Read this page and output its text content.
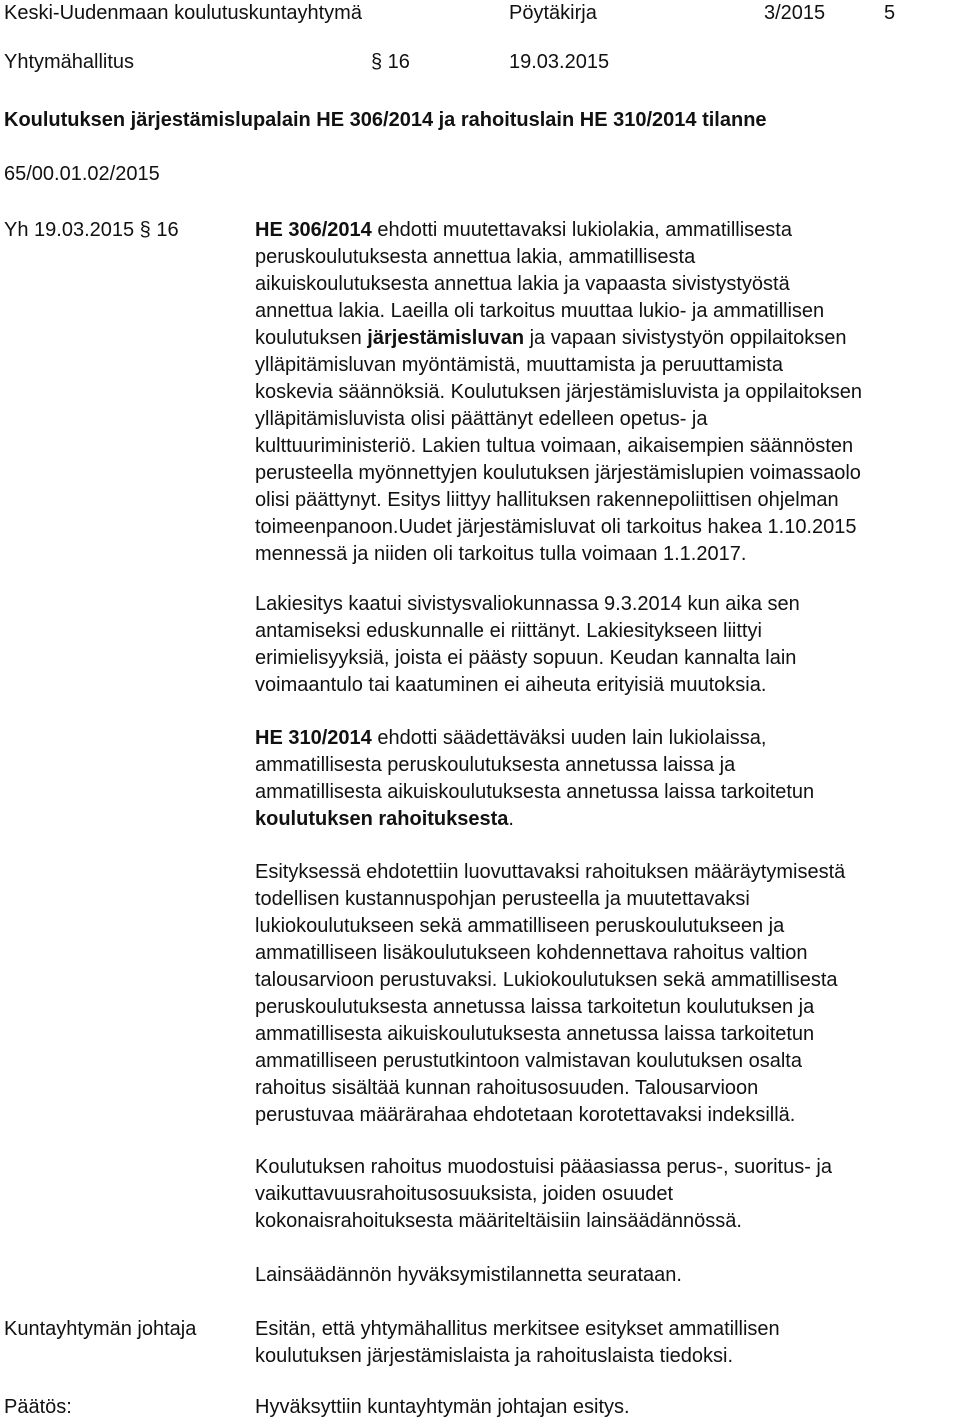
Keski-Uudenmaan koulutuskuntayhtymä	Pöytäkirja	3/2015	5
Yhtymähallitus	§ 16	19.03.2015
Koulutuksen järjestämislupalain HE 306/2014 ja rahoituslain HE 310/2014 tilanne
65/00.01.02/2015
Yh 19.03.2015 § 16	HE 306/2014 ehdotti muutettavaksi lukiolakia, ammatillisesta
peruskoulutuksesta annettua lakia, ammatillisesta
aikuiskoulutuksesta annettua lakia ja vapaasta sivistystyöstä
annettua lakia. Laeilla oli tarkoitus muuttaa lukio- ja ammatillisen
koulutuksen järjestämisluvan ja vapaan sivistystyön oppilaitoksen
ylläpitämisluvan myöntämistä, muuttamista ja peruuttamista
koskevia säännöksiä. Koulutuksen järjestämisluvista ja oppilaitoksen
ylläpitämisluvista olisi päättänyt edelleen opetus- ja
kulttuuriministeriö. Lakien tultua voimaan, aikaisempien säännösten
perusteella myönnettyjen koulutuksen järjestämislupien voimassaolo
olisi päättynyt. Esitys liittyy hallituksen rakennepoliittisen ohjelman
toimeenpanoon.Uudet järjestämisluvat oli tarkoitus hakea 1.10.2015
mennessä ja niiden oli tarkoitus tulla voimaan 1.1.2017.
Lakiesitys kaatui sivistysvaliokunnassa 9.3.2014 kun aika sen
antamiseksi eduskunnalle ei riittänyt. Lakiesitykseen liittyi
erimielisyyksiä, joista ei päästy sopuun. Keudan kannalta lain
voimaantulo tai kaatuminen ei aiheuta erityisiä muutoksia.
HE 310/2014 ehdotti säädettäväksi uuden lain lukiolaissa,
ammatillisesta peruskoulutuksesta annetussa laissa ja
ammatillisesta aikuiskoulutuksesta annetussa laissa tarkoitetun
koulutuksen rahoituksesta.
Esityksessä ehdotettiin luovuttavaksi rahoituksen määräytymisestä
todellisen kustannuspohjan perusteella ja muutettavaksi
lukiokoulutukseen sekä ammatilliseen peruskoulutukseen ja
ammatilliseen lisäkoulutukseen kohdennettava rahoitus valtion
talousarvioon perustuvaksi. Lukiokoulutuksen sekä ammatillisesta
peruskoulutuksesta annetussa laissa tarkoitetun koulutuksen ja
ammatillisesta aikuiskoulutuksesta annetussa laissa tarkoitetun
ammatilliseen perustutkintoon valmistavan koulutuksen osalta
rahoitus sisältää kunnan rahoitusosuuden. Talousarvioon
perustuvaa määrärahaa ehdotetaan korotettavaksi indeksillä.
Koulutuksen rahoitus muodostuisi pääasiassa perus-, suoritus- ja
vaikuttavuusrahoitusosuuksista, joiden osuudet
kokonaisrahoituksesta määriteltäisiin lainsäädännössä.
Lainsäädännön hyväksymistilannetta seurataan.
Kuntayhtymän johtaja	Esitän, että yhtymähallitus merkitsee esitykset ammatillisen
koulutuksen järjestämislaista ja rahoituslaista tiedoksi.
Päätös:	Hyväksyttiin kuntayhtymän johtajan esitys.
